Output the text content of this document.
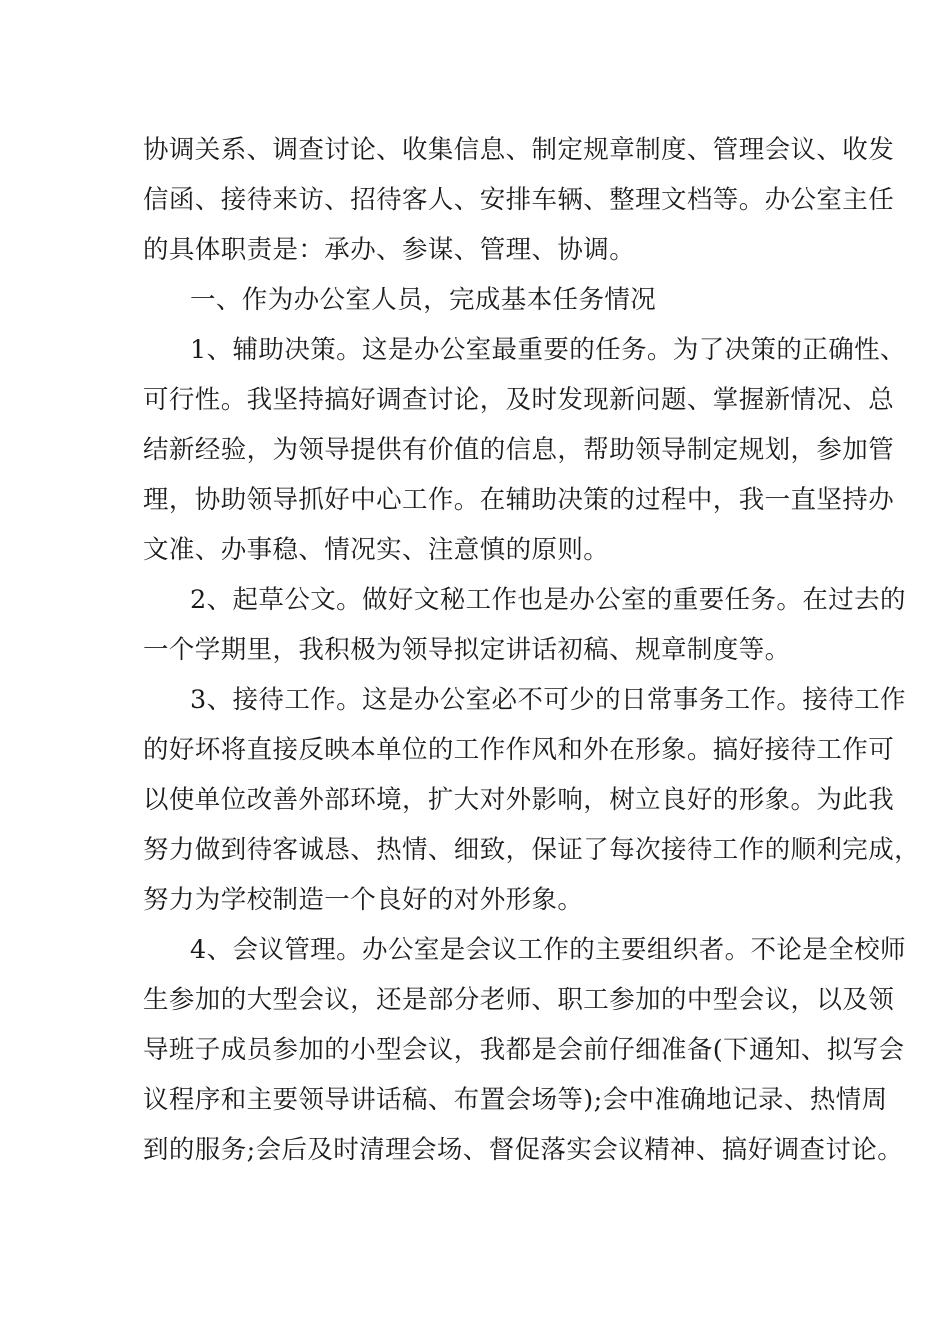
协调关系、调查讨论、收集信息、制定规章制度、管理会议、收发
信函、接待来访、招待客人、安排车辆、整理文档等。办公室主任
的具体职责是：承办、参谋、管理、协调。
一、作为办公室人员，完成基本任务情况
1、辅助决策。这是办公室最重要的任务。为了决策的正确性、
可行性。我坚持搞好调查讨论，及时发现新问题、掌握新情况、总
结新经验，为领导提供有价值的信息，帮助领导制定规划，参加管
理，协助领导抓好中心工作。在辅助决策的过程中，我一直坚持办
文准、办事稳、情况实、注意慎的原则。
2、起草公文。做好文秘工作也是办公室的重要任务。在过去的
一个学期里，我积极为领导拟定讲话初稿、规章制度等。
3、接待工作。这是办公室必不可少的日常事务工作。接待工作
的好坏将直接反映本单位的工作作风和外在形象。搞好接待工作可
以使单位改善外部环境，扩大对外影响，树立良好的形象。为此我
努力做到待客诚恳、热情、细致，保证了每次接待工作的顺利完成，
努力为学校制造一个良好的对外形象。
4、会议管理。办公室是会议工作的主要组织者。不论是全校师
生参加的大型会议，还是部分老师、职工参加的中型会议，以及领
导班子成员参加的小型会议，我都是会前仔细准备(下通知、拟写会
议程序和主要领导讲话稿、布置会场等);会中准确地记录、热情周
到的服务;会后及时清理会场、督促落实会议精神、搞好调查讨论。
